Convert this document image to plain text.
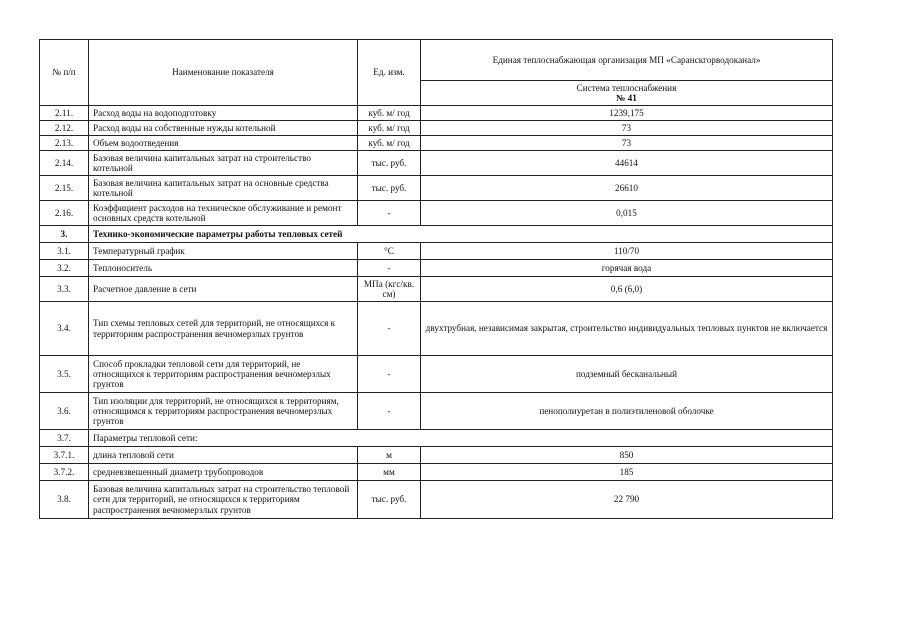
№ п/п	Наименование показателя	Ед. изм.	Единая теплоснабжающая организация МП «Саранскгорводоканал»

			Система теплоснабжения
№ 41

2.11.	Расход воды на водоподготовку	куб. м/ год	1239,175
2.12.	Расход воды на собственные нужды котельной	куб. м/ год	73
2.13.	Объем водоотведения	куб. м/ год	73
2.14.	Базовая величина капитальных затрат на строительство котельной	тыс. руб.	44614
2.15.	Базовая величина капитальных затрат на основные средства котельной	тыс. руб.	26610
2.16.	Коэффициент расходов на техническое обслуживание и ремонт основных средств котельной	-	0,015
3.	Технико-экономические параметры работы тепловых сетей		
3.1.	Температурный график	°С	110/70
3.2.	Теплоноситель	-	горячая вода
3.3.	Расчетное давление в сети	МПа (кгс/кв. см)	0,6 (6,0)
3.4.	Тип схемы тепловых сетей для территорий, не относящихся к территориям распространения вечномерзлых грунтов	-	двухтрубная, независимая закрытая, строительство индивидуальных тепловых пунктов не включается
3.5.	Способ прокладки тепловой сети для территорий, не относящихся к территориям распространения вечномерзлых грунтов	-	подземный бесканальный
3.6.	Тип изоляции для территорий, не относящихся к территориям, относящимся к территориям распространения вечномерзлых грунтов	-	пенополиуретан в полиэтиленовой оболочке
3.7.	Параметры тепловой сети:		
3.7.1.	длина тепловой сети	м	850
3.7.2.	средневзвешенный диаметр трубопроводов	мм	185
3.8.	Базовая величина капитальных затрат на строительство тепловой сети для территорий, не относящихся к территориям распространения вечномерзлых грунтов	тыс. руб.	22 790
